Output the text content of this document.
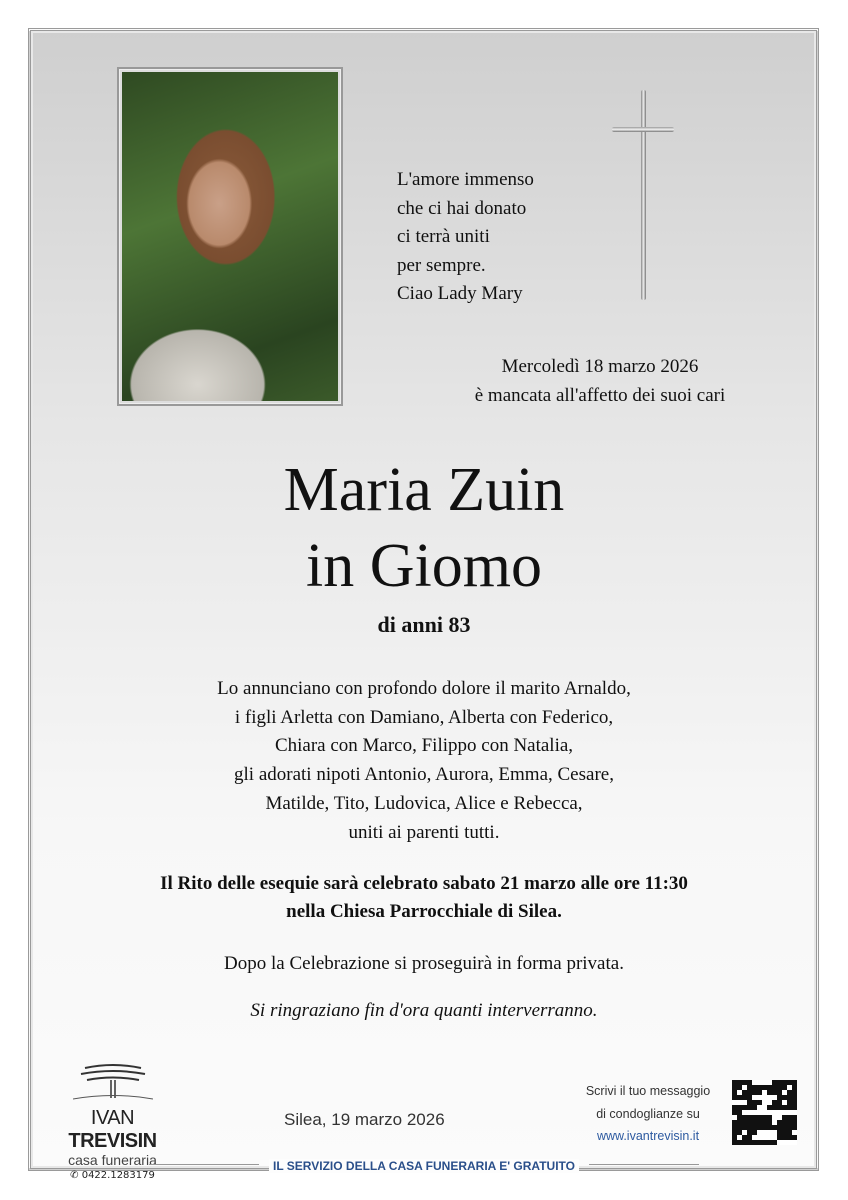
L'amore immenso
che ci hai donato
ci terrà uniti
per sempre.
Ciao Lady Mary
Mercoledì 18 marzo 2026
è mancata all'affetto dei suoi cari
Maria Zuin
in Giomo
di anni 83
Lo annunciano con profondo dolore il marito Arnaldo,
i figli Arletta con Damiano, Alberta con Federico,
Chiara con Marco, Filippo con Natalia,
gli adorati nipoti Antonio, Aurora, Emma, Cesare,
Matilde, Tito, Ludovica, Alice e Rebecca,
uniti ai parenti tutti.
Il Rito delle esequie sarà celebrato sabato 21 marzo alle ore 11:30
nella Chiesa Parrocchiale di Silea.
Dopo la Celebrazione si proseguirà in forma privata.
Si ringraziano fin d'ora quanti interverranno.
IVAN TREVISIN
casa funeraria
✆ 0422.1283179
Silea, 19 marzo 2026
Scrivi il tuo messaggio
di condoglianze su
www.ivantrevisin.it
IL SERVIZIO DELLA CASA FUNERARIA E' GRATUITO
